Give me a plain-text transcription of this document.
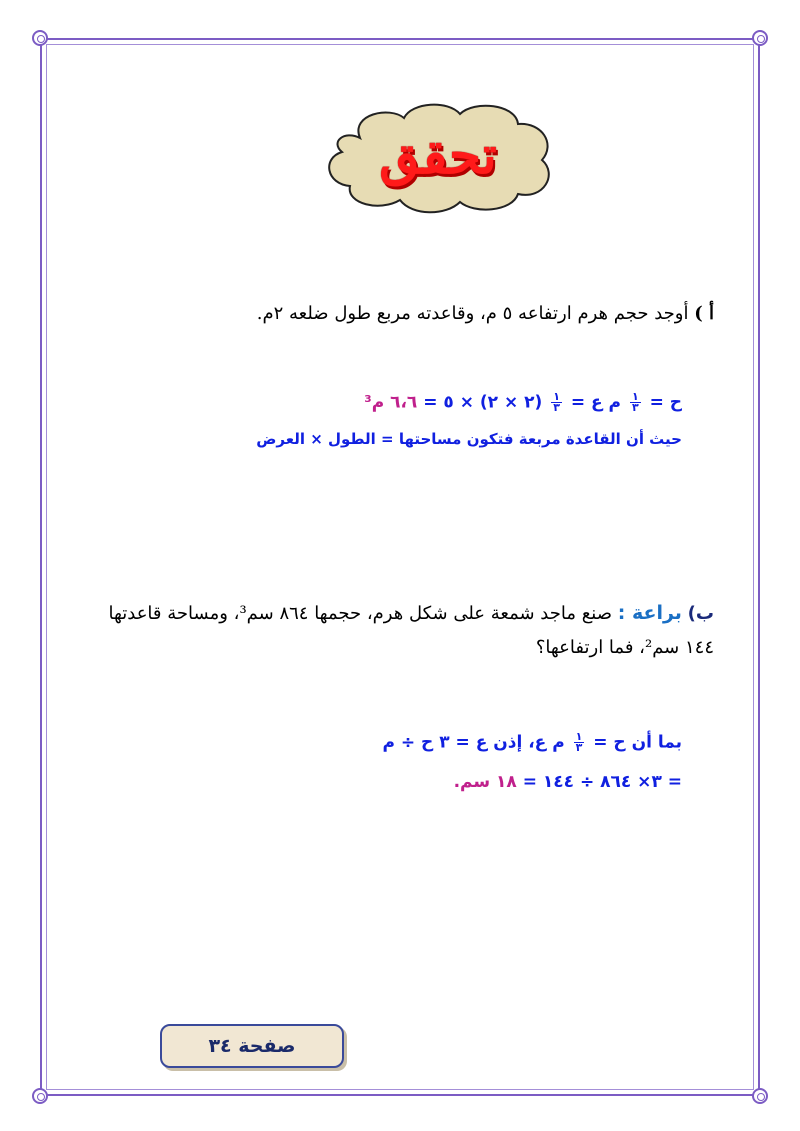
تحقق
أ ) أوجد حجم هرم ارتفاعه ٥ م، وقاعدته مربع طول ضلعه ٢م.
ح =
$\frac{١}{٣}$
م ع =
$\frac{١}{٣}$
(٢ × ٢) × ٥ = ٦،٦ م³
حيث أن القاعدة مربعة فتكون مساحتها = الطول × العرض
ب) براعة : صنع ماجد شمعة على شكل هرم، حجمها ٨٦٤ سم³، ومساحة قاعدتها ١٤٤ سم²، فما ارتفاعها؟
بما أن ح =
$\frac{١}{٣}$
م ع، إذن ع = ٣ ح ÷ م
= ٣× ٨٦٤ ÷ ١٤٤ = ١٨ سم.
صفحة ٣٤
